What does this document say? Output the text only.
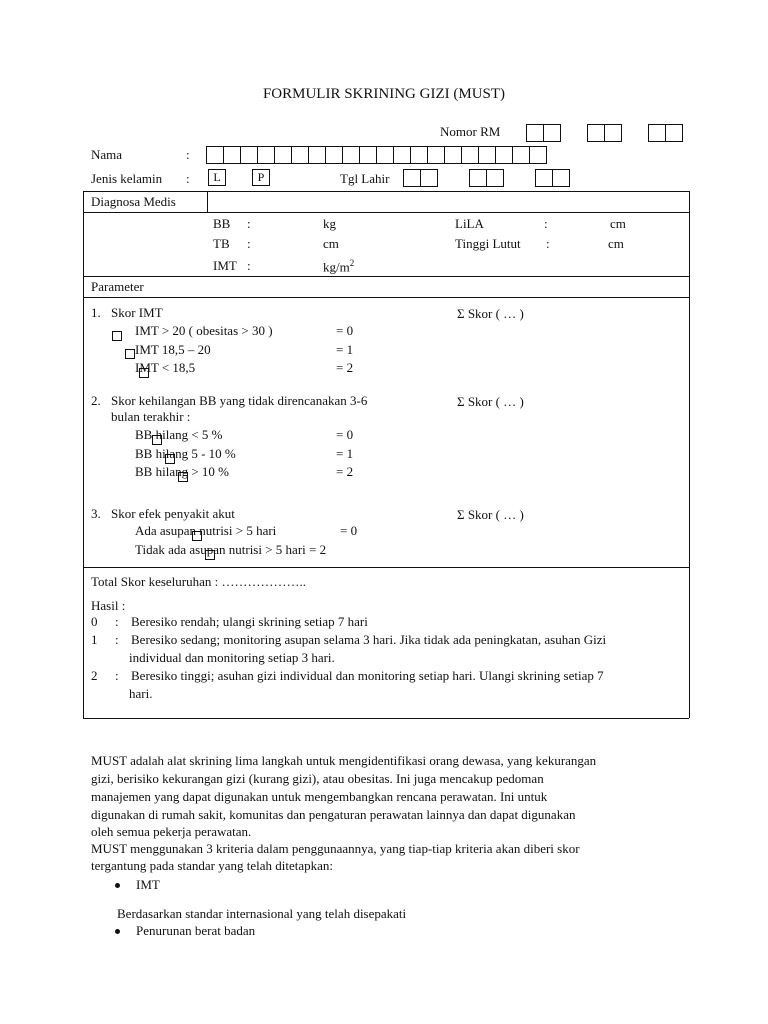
FORMULIR SKRINING GIZI (MUST)
Nomor RM
Nama	:
Jenis kelamin :	L	P	Tgl Lahir
Diagnosa Medis
BB :	kg
TB :	cm
IMT :	$kg/m^2$
LiLA	:	cm
Tinggi Lutut :	cm
Parameter
1. Skor IMT	Σ Skor ( … )

IMT > 20 ( obesitas > 30 )	= 0

IMT 18,5 – 20	= 1

IMT < 18,5	= 2
2. Skor kehilangan BB yang tidak direncanakan 3-6
bulan terakhir :
Σ Skor ( … )

BB hilang < 5 %	= 0

BB hilang 5 - 10 %	= 1

BB hilang > 10 %	= 2
3. Skor efek penyakit akut	Σ Skor ( … )

Ada asupan nutrisi > 5 hari	= 0
Tidak ada asupan nutrisi > 5 hari = 2
Total Skor keseluruhan : ………………..
Hasil :
0 : Beresiko rendah; ulangi skrining setiap 7 hari
1 : Beresiko sedang; monitoring asupan selama 3 hari. Jika tidak ada peningkatan, asuhan Gizi
individual dan monitoring setiap 3 hari.
2 : Beresiko tinggi; asuhan gizi individual dan monitoring setiap hari. Ulangi skrining setiap 7
hari.
MUST adalah alat skrining lima langkah untuk mengidentifikasi orang dewasa, yang kekurangan
gizi, berisiko kekurangan gizi (kurang gizi), atau obesitas. Ini juga mencakup pedoman
manajemen yang dapat digunakan untuk mengembangkan rencana perawatan. Ini untuk
digunakan di rumah sakit, komunitas dan pengaturan perawatan lainnya dan dapat digunakan
oleh semua pekerja perawatan.
MUST menggunakan 3 kriteria dalam penggunaannya, yang tiap-tiap kriteria akan diberi skor
tergantung pada standar yang telah ditetapkan:
IMT
Berdasarkan standar internasional yang telah disepakati
Penurunan berat badan
